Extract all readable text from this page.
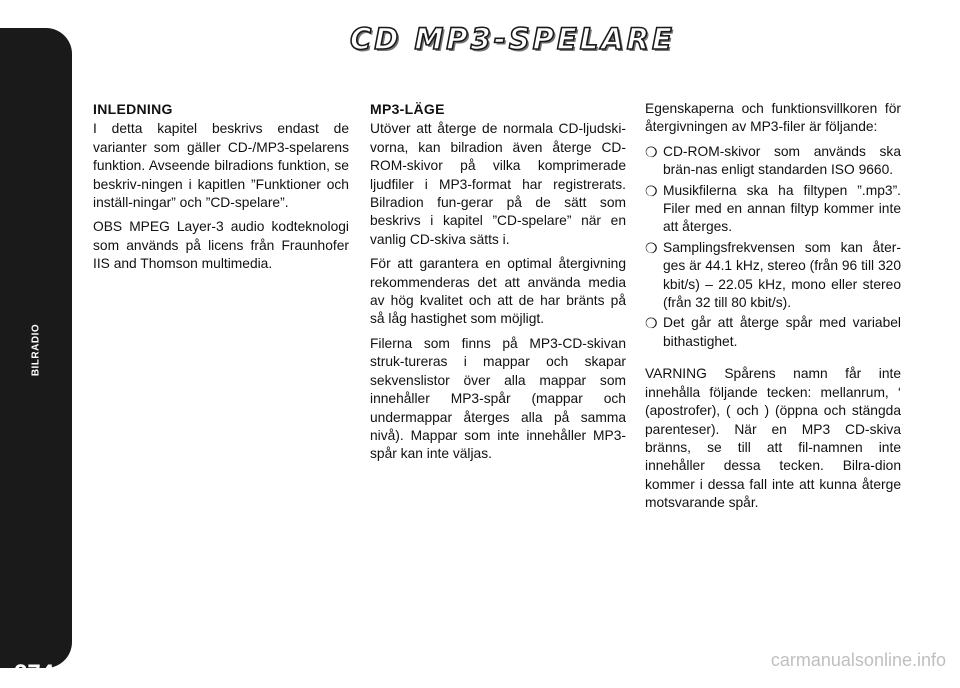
BILRADIO
274
CD MP3-SPELARE
INLEDNING

I detta kapitel beskrivs endast de varianter som gäller CD-/MP3-spelarens funktion. Avseende bilradions funktion, se beskriv-ningen i kapitlen ”Funktioner och inställ-ningar” och ”CD-spelare”.

OBS MPEG Layer-3 audio kodteknologi som används på licens från Fraunhofer IIS and Thomson multimedia.

MP3-LÄGE

Utöver att återge de normala CD-ljudski-vorna, kan bilradion även återge CD-ROM-skivor på vilka komprimerade ljudfiler i MP3-format har registrerats. Bilradion fun-gerar på de sätt som beskrivs i kapitel ”CD-spelare” när en vanlig CD-skiva sätts i.

För att garantera en optimal återgivning rekommenderas det att använda media av hög kvalitet och att de har bränts på så låg hastighet som möjligt.

Filerna som finns på MP3-CD-skivan struk-tureras i mappar och skapar sekvenslistor över alla mappar som innehåller MP3-spår (mappar och undermappar återges alla på samma nivå). Mappar som inte innehåller MP3-spår kan inte väljas.

Egenskaperna och funktionsvillkoren för återgivningen av MP3-filer är följande:

❍ CD-ROM-skivor som används ska brän-nas enligt standarden ISO 9660.
❍ Musikfilerna ska ha filtypen ”.mp3”. Filer med en annan filtyp kommer inte att återges.
❍ Samplingsfrekvensen som kan åter-ges är 44.1 kHz, stereo (från 96 till 320 kbit/s) – 22.05 kHz, mono eller stereo (från 32 till 80 kbit/s).
❍ Det går att återge spår med variabel bithastighet.

VARNING Spårens namn får inte innehålla följande tecken: mellanrum, ‘ (apostrofer), ( och ) (öppna och stängda parenteser). När en MP3 CD-skiva bränns, se till att fil-namnen inte innehåller dessa tecken. Bilra-dion kommer i dessa fall inte att kunna återge motsvarande spår.

carmanualsonline.info
